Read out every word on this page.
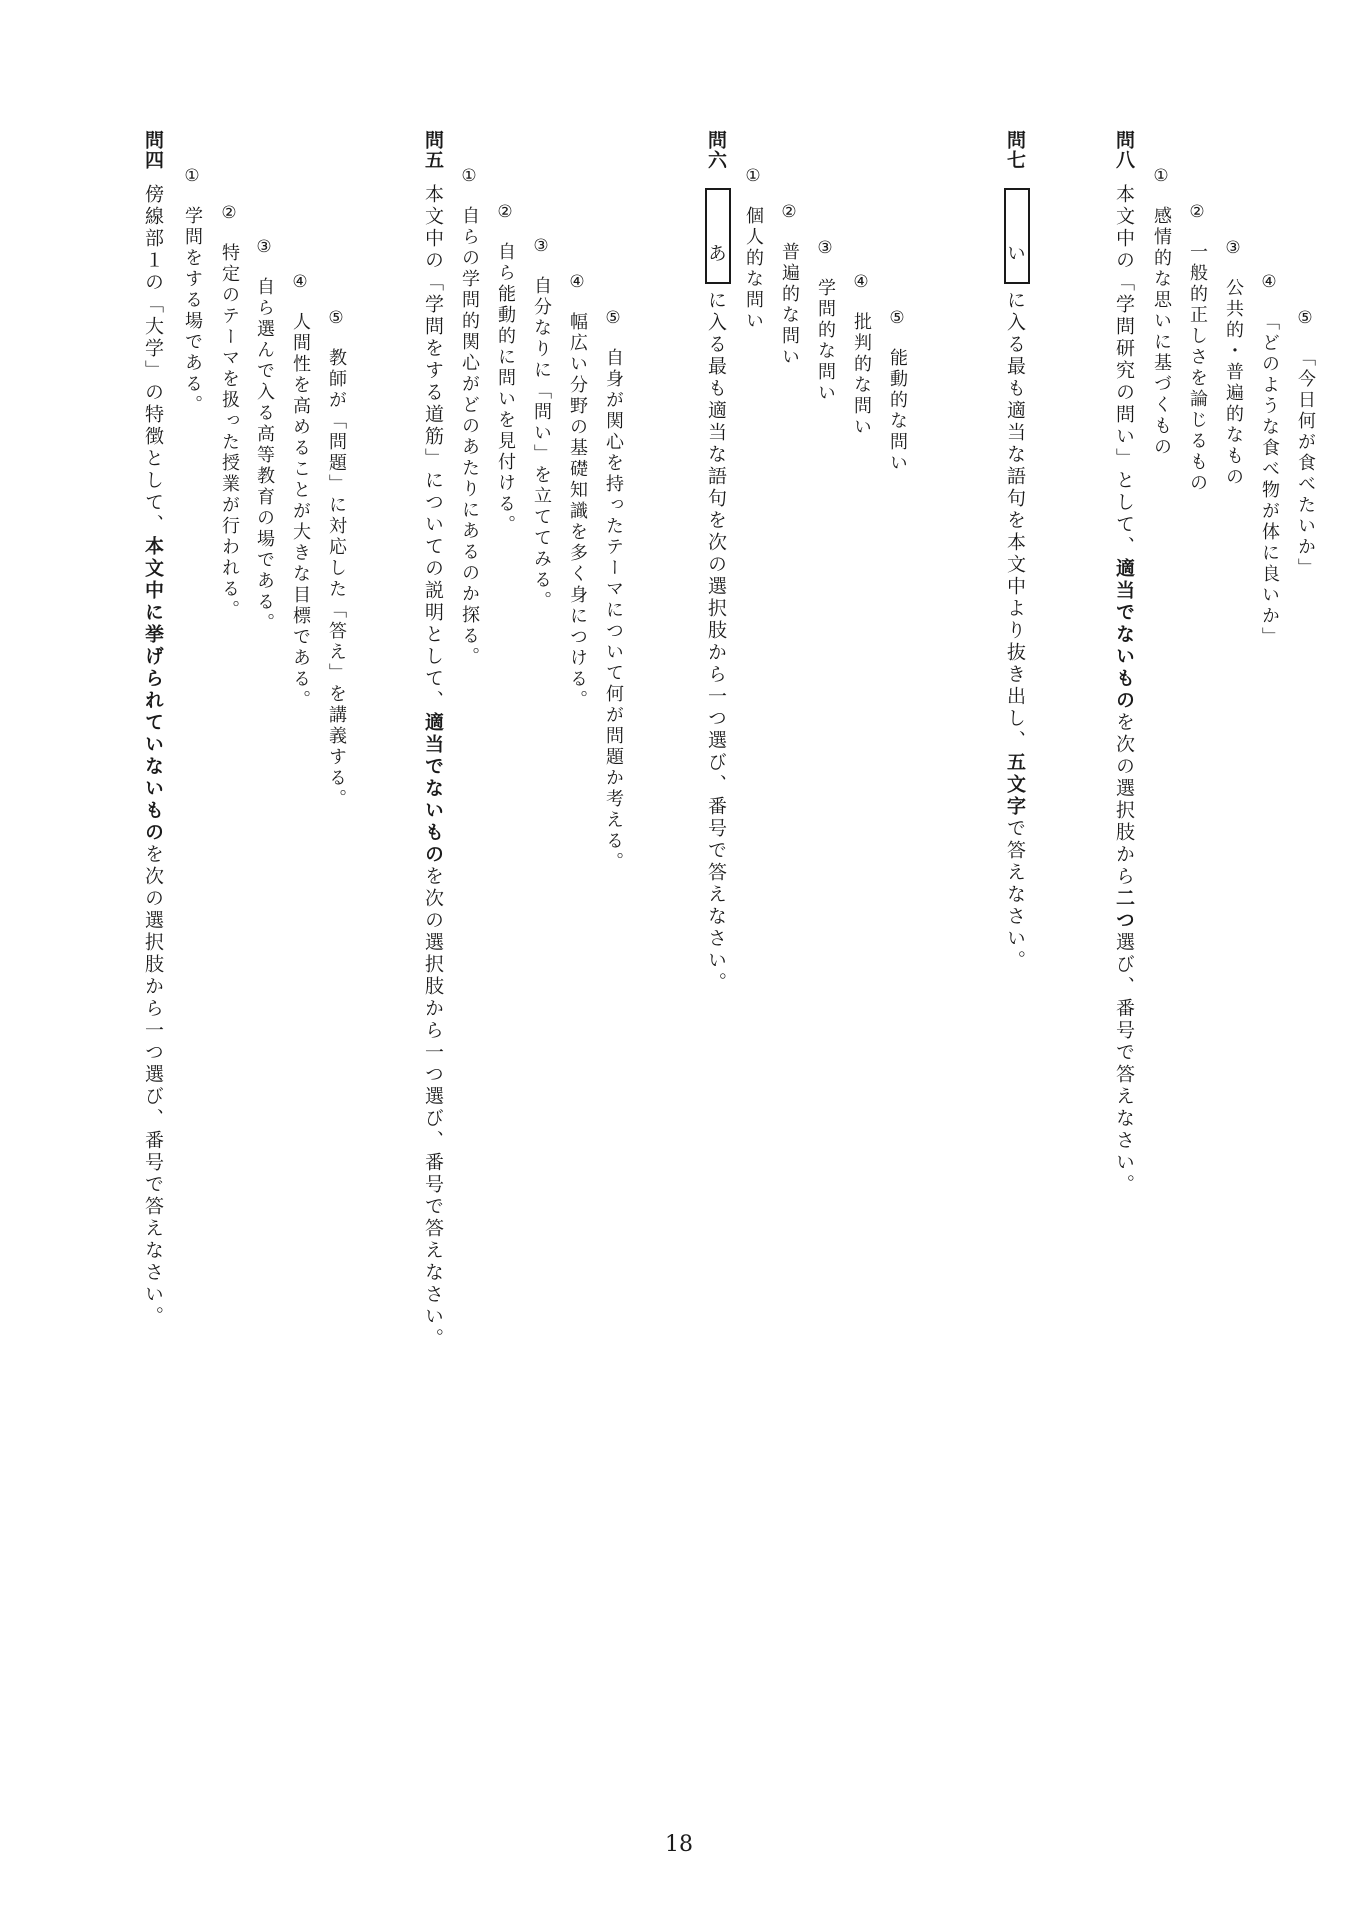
問四傍線部１の「大学」の特徴として、本文中に挙げられていないものを次の選択肢から一つ選び、番号で答えなさい。
①学問をする場である。 ②特定のテーマを扱った授業が行われる。 ③自ら選んで入る高等教育の場である。 ④人間性を高めることが大きな目標である。 ⑤教師が「問題」に対応した「答え」を講義する。
問五本文中の「学問をする道筋」についての説明として、適当でないものを次の選択肢から一つ選び、番号で答えなさい。
①自らの学問的関心がどのあたりにあるのか探る。 ②自ら能動的に問いを見付ける。 ③自分なりに「問い」を立ててみる。 ④幅広い分野の基礎知識を多く身につける。 ⑤自身が関心を持ったテーマについて何が問題か考える。
問六あに入る最も適当な語句を次の選択肢から一つ選び、番号で答えなさい。
①個人的な問い ②普遍的な問い ③学問的な問い ④批判的な問い ⑤能動的な問い
問七いに入る最も適当な語句を本文中より抜き出し、五文字で答えなさい。
問八本文中の「学問研究の問い」として、適当でないものを次の選択肢から二つ選び、番号で答えなさい。
①感情的な思いに基づくもの ②一般的正しさを論じるもの ③公共的・普遍的なもの ④「どのような食べ物が体に良いか」 ⑤「今日何が食べたいか」
18
